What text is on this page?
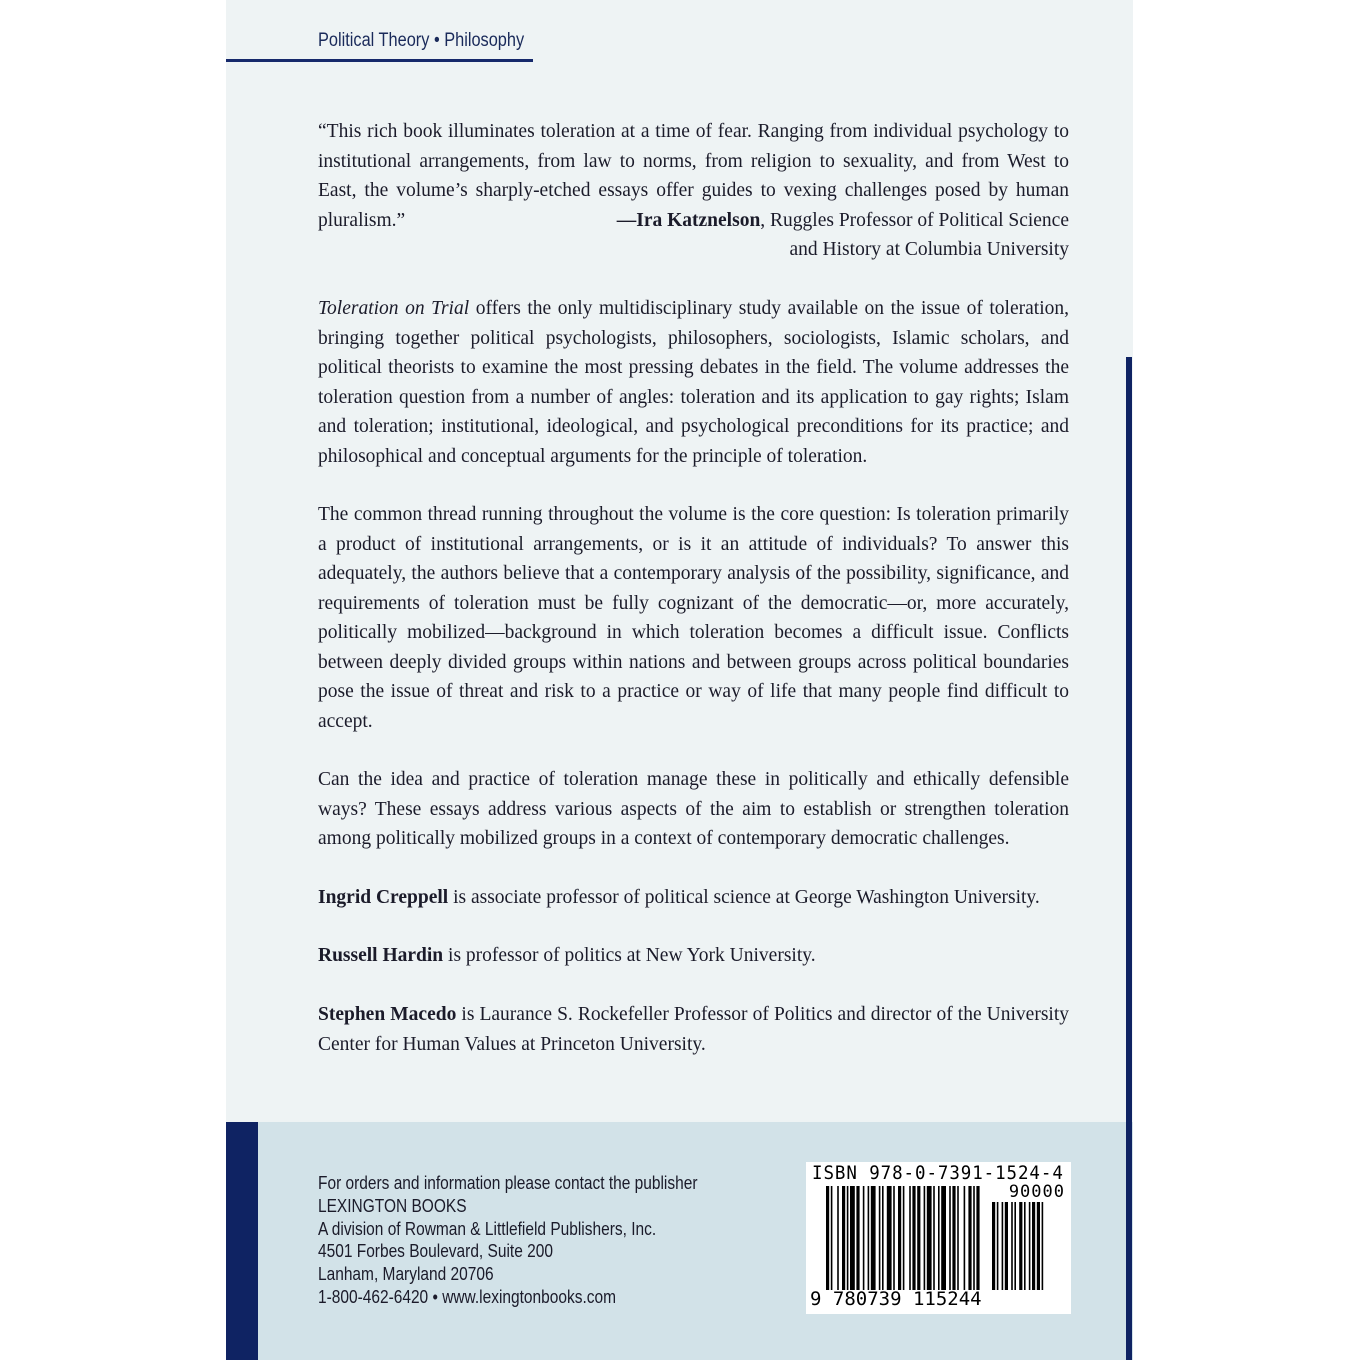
Political Theory • Philosophy

“This rich book illuminates toleration at a time of fear. Ranging from individual psychology to institutional arrangements, from law to norms, from religion to sexuality, and from West to East, the volume’s sharply-etched essays offer guides to vexing challenges posed by human pluralism.”	—Ira Katznelson, Ruggles Professor of Political Science
and History at Columbia University

Toleration on Trial offers the only multidisciplinary study available on the issue of toleration, bringing together political psychologists, philosophers, sociologists, Islamic scholars, and political theorists to examine the most pressing debates in the field. The volume addresses the toleration question from a number of angles: toleration and its application to gay rights; Islam and toleration; institutional, ideological, and psychological preconditions for its practice; and philosophical and conceptual arguments for the principle of toleration.

The common thread running throughout the volume is the core question: Is toleration primarily a product of institutional arrangements, or is it an attitude of individuals? To answer this adequately, the authors believe that a contemporary analysis of the possibility, significance, and requirements of toleration must be fully cognizant of the democratic—or, more accurately, politically mobilized—background in which toleration becomes a difficult issue. Conflicts between deeply divided groups within nations and between groups across political boundaries pose the issue of threat and risk to a practice or way of life that many people find difficult to accept.

Can the idea and practice of toleration manage these in politically and ethically defensible ways? These essays address various aspects of the aim to establish or strengthen toleration among politically mobilized groups in a context of contemporary democratic challenges.

Ingrid Creppell is associate professor of political science at George Washington University.

Russell Hardin is professor of politics at New York University.

Stephen Macedo is Laurance S. Rockefeller Professor of Politics and director of the University Center for Human Values at Princeton University.

For orders and information please contact the publisher
LEXINGTON BOOKS
A division of Rowman & Littlefield Publishers, Inc.
4501 Forbes Boulevard, Suite 200
Lanham, Maryland 20706
1-800-462-6420 • www.lexingtonbooks.com
ISBN 978-0-7391-1524-4
90000
9 780739 115244
